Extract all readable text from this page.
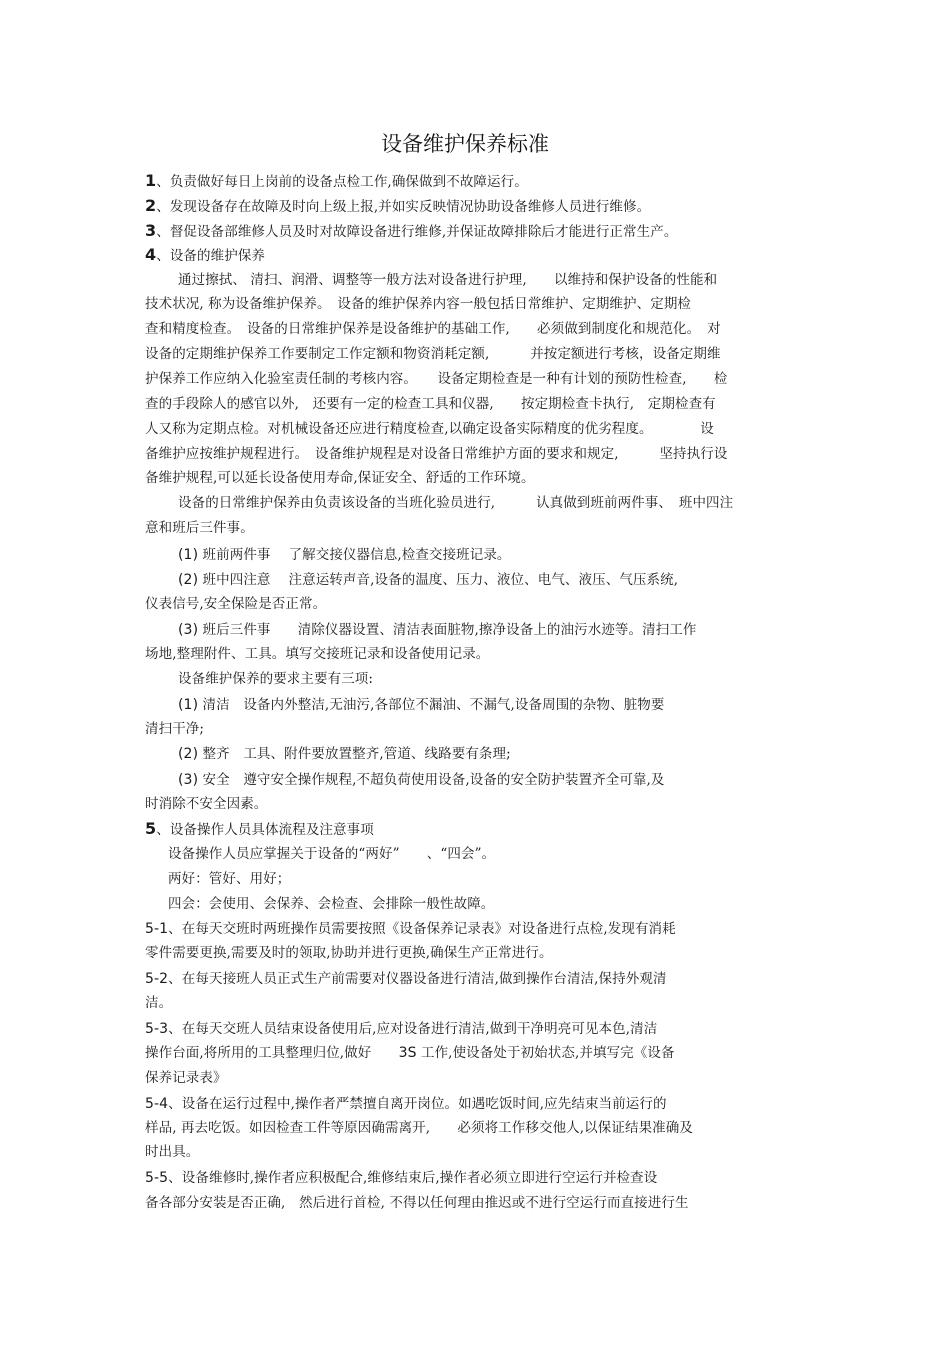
设备维护保养标准
1、负责做好每日上岗前的设备点检工作,确保做到不故障运行。
2、发现设备存在故障及时向上级上报,并如实反映情况协助设备维修人员进行维修。
3、督促设备部维修人员及时对故障设备进行维修,并保证故障排除后才能进行正常生产。
4、设备的维护保养
通过擦拭、 清扫、润滑、调整等一般方法对设备进行护理,　　以维持和保护设备的性能和
技术状况, 称为设备维护保养。　设备的维护保养内容一般包括日常维护、定期维护、定期检
查和精度检查。　设备的日常维护保养是设备维护的基础工作,　　必须做到制度化和规范化。　对
设备的定期维护保养工作要制定工作定额和物资消耗定额,　　　并按定额进行考核，设备定期维
护保养工作应纳入化验室责任制的考核内容。　　设备定期检查是一种有计划的预防性检查,　　检
查的手段除人的感官以外,　还要有一定的检查工具和仪器,　　按定期检查卡执行,　定期检查有
人又称为定期点检。对机械设备还应进行精度检查,以确定设备实际精度的优劣程度。　　　　设
备维护应按维护规程进行。　设备维护规程是对设备日常维护方面的要求和规定,　　　坚持执行设
备维护规程,可以延长设备使用寿命,保证安全、舒适的工作环境。
设备的日常维护保养由负责该设备的当班化验员进行,　　　认真做到班前两件事、　班中四注
意和班后三件事。
(1) 班前两件事　 了解交接仪器信息,检查交接班记录。
(2) 班中四注意　 注意运转声音,设备的温度、压力、液位、电气、液压、气压系统,
仪表信号,安全保险是否正常。
(3) 班后三件事　　清除仪器设置、清洁表面脏物,擦净设备上的油污水迹等。清扫工作
场地,整理附件、工具。填写交接班记录和设备使用记录。
设备维护保养的要求主要有三项:
(1) 清洁　设备内外整洁,无油污,各部位不漏油、不漏气,设备周围的杂物、脏物要
清扫干净;
(2) 整齐　工具、附件要放置整齐,管道、线路要有条理;
(3) 安全　遵守安全操作规程,不超负荷使用设备,设备的安全防护装置齐全可靠,及
时消除不安全因素。
5、设备操作人员具体流程及注意事项
设备操作人员应掌握关于设备的“两好”　　、“四会”。
两好：管好、用好；
四会：会使用、会保养、会检查、会排除一般性故障。
5-1、在每天交班时两班操作员需要按照《设备保养记录表》对设备进行点检,发现有消耗
零件需要更换,需要及时的领取,协助并进行更换,确保生产正常进行。
5-2、在每天接班人员正式生产前需要对仪器设备进行清洁,做到操作台清洁,保持外观清
洁。
5-3、在每天交班人员结束设备使用后,应对设备进行清洁,做到干净明亮可见本色,清洁
操作台面,将所用的工具整理归位,做好　　3S 工作,使设备处于初始状态,并填写完《设备
保养记录表》
5-4、设备在运行过程中,操作者严禁擅自离开岗位。如遇吃饭时间,应先结束当前运行的
样品, 再去吃饭。如因检查工件等原因确需离开,　　必须将工作移交他人,以保证结果准确及
时出具。
5-5、设备维修时,操作者应积极配合,维修结束后,操作者必须立即进行空运行并检查设
备各部分安装是否正确,　然后进行首检, 不得以任何理由推迟或不进行空运行而直接进行生
